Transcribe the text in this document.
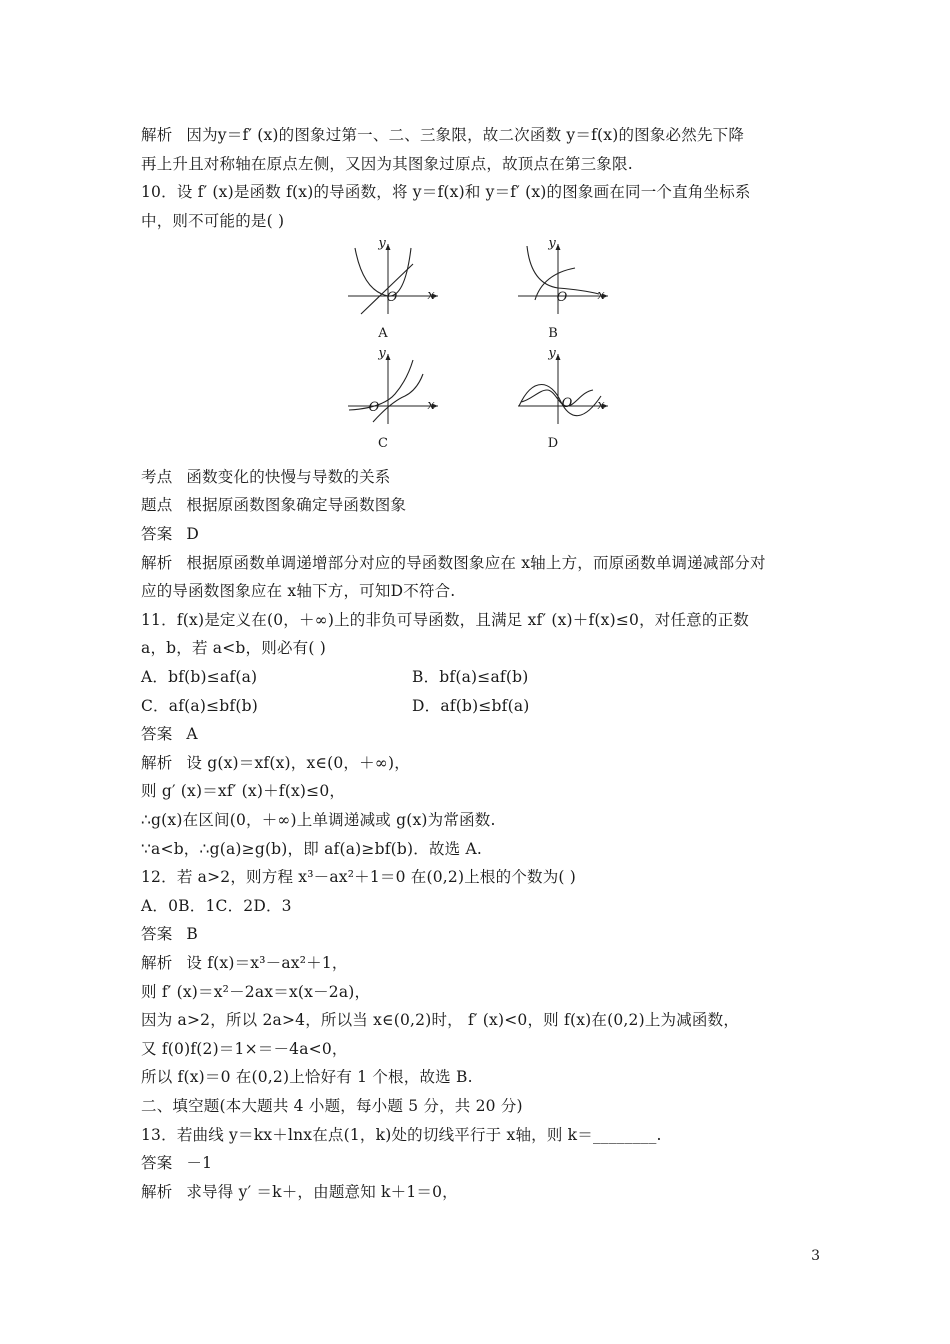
解析 因为y＝f′ (x)的图象过第一、二、三象限，故二次函数 y＝f(x)的图象必然先下降
再上升且对称轴在原点左侧，又因为其图象过原点，故顶点在第三象限.
10．设 f′ (x)是函数 f(x)的导函数，将 y＝f(x)和 y＝f′ (x)的图象画在同一个直角坐标系
中，则不可能的是( )
y
x
O
A
y
x
O
B
y
x
O
C
y
x
O
D
考点 函数变化的快慢与导数的关系
题点 根据原函数图象确定导函数图象
答案 D
解析 根据原函数单调递增部分对应的导函数图象应在 x轴上方，而原函数单调递减部分对
应的导函数图象应在 x轴下方，可知D不符合.
11．f(x)是定义在(0，＋∞)上的非负可导函数，且满足 xf′ (x)＋f(x)≤0，对任意的正数
a，b，若 a<b，则必有( )
A．bf(b)≤af(a)	B．bf(a)≤af(b)
C．af(a)≤bf(b)	D．af(b)≤bf(a)
答案 A
解析 设 g(x)＝xf(x)，x∈(0，＋∞)，
则 g′ (x)＝xf′ (x)＋f(x)≤0，
∴g(x)在区间(0，＋∞)上单调递减或 g(x)为常函数.
∵a<b，∴g(a)≥g(b)，即 af(a)≥bf(b)．故选 A.
12．若 a>2，则方程 x³－ax²＋1＝0 在(0,2)上根的个数为( )
A．0B．1C．2D．3
答案 B
解析 设 f(x)＝x³－ax²＋1，
则 f′ (x)＝x²－2ax＝x(x－2a)，
因为 a>2，所以 2a>4，所以当 x∈(0,2)时， f′ (x)<0，则 f(x)在(0,2)上为减函数，
又 f(0)f(2)＝1×＝－4a<0，
所以 f(x)＝0 在(0,2)上恰好有 1 个根，故选 B.
二、填空题(本大题共 4 小题，每小题 5 分，共 20 分)
13．若曲线 y＝kx＋lnx在点(1，k)处的切线平行于 x轴，则 k＝________.
答案 －1
解析 求导得 y′ ＝k＋，由题意知 k＋1＝0，
3
